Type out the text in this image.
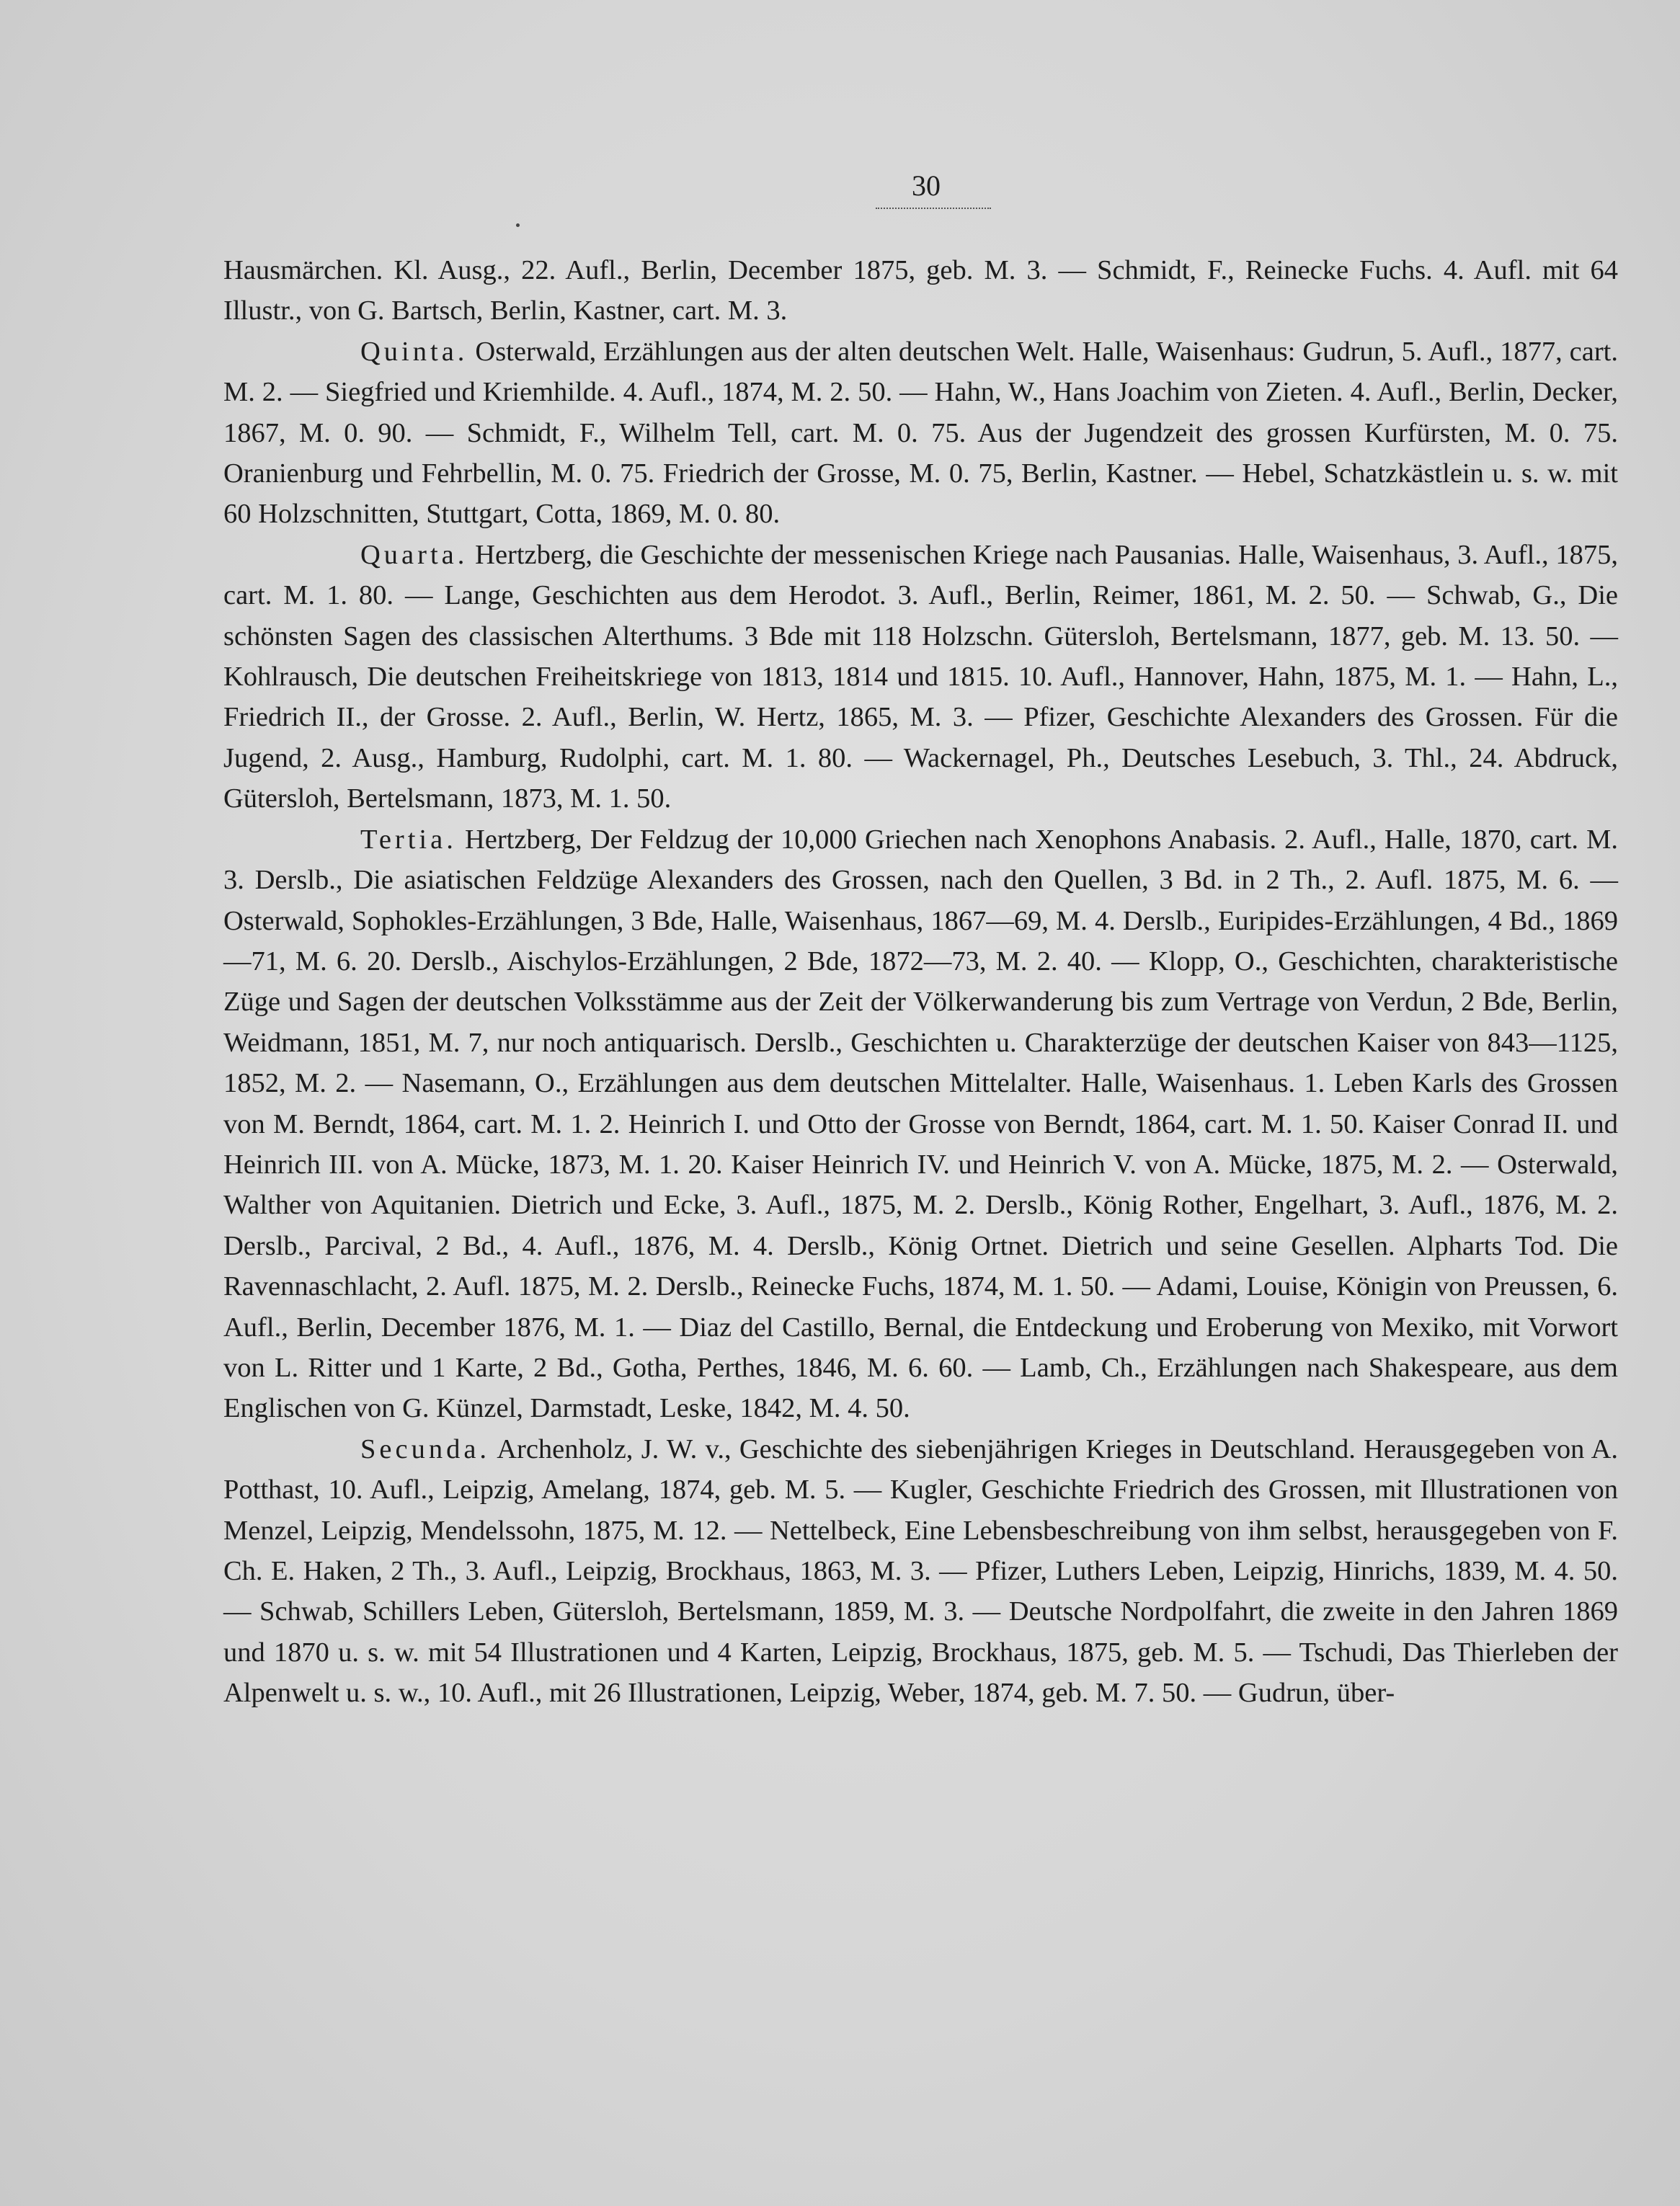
30

Hausmärchen. Kl. Ausg., 22. Aufl., Berlin, December 1875, geb. M. 3. — Schmidt, F., Reinecke Fuchs. 4. Aufl. mit 64 Illustr., von G. Bartsch, Berlin, Kastner, cart. M. 3.

Quinta. Osterwald, Erzählungen aus der alten deutschen Welt. Halle, Waisenhaus: Gudrun, 5. Aufl., 1877, cart. M. 2. — Siegfried und Kriemhilde. 4. Aufl., 1874, M. 2. 50. — Hahn, W., Hans Joachim von Zieten. 4. Aufl., Berlin, Decker, 1867, M. 0. 90. — Schmidt, F., Wilhelm Tell, cart. M. 0. 75. Aus der Jugendzeit des grossen Kurfürsten, M. 0. 75. Oranienburg und Fehrbellin, M. 0. 75. Friedrich der Grosse, M. 0. 75, Berlin, Kastner. — Hebel, Schatzkästlein u. s. w. mit 60 Holzschnitten, Stuttgart, Cotta, 1869, M. 0. 80.

Quarta. Hertzberg, die Geschichte der messenischen Kriege nach Pausanias. Halle, Waisenhaus, 3. Aufl., 1875, cart. M. 1. 80. — Lange, Geschichten aus dem Herodot. 3. Aufl., Berlin, Reimer, 1861, M. 2. 50. — Schwab, G., Die schönsten Sagen des classischen Alterthums. 3 Bde mit 118 Holzschn. Gütersloh, Bertelsmann, 1877, geb. M. 13. 50. — Kohlrausch, Die deutschen Freiheitskriege von 1813, 1814 und 1815. 10. Aufl., Hannover, Hahn, 1875, M. 1. — Hahn, L., Friedrich II., der Grosse. 2. Aufl., Berlin, W. Hertz, 1865, M. 3. — Pfizer, Geschichte Alexanders des Grossen. Für die Jugend, 2. Ausg., Hamburg, Rudolphi, cart. M. 1. 80. — Wackernagel, Ph., Deutsches Lesebuch, 3. Thl., 24. Abdruck, Gütersloh, Bertelsmann, 1873, M. 1. 50.

Tertia. Hertzberg, Der Feldzug der 10,000 Griechen nach Xenophons Anabasis. 2. Aufl., Halle, 1870, cart. M. 3. Derslb., Die asiatischen Feldzüge Alexanders des Grossen, nach den Quellen, 3 Bd. in 2 Th., 2. Aufl. 1875, M. 6. — Osterwald, Sophokles-Erzählungen, 3 Bde, Halle, Waisenhaus, 1867—69, M. 4. Derslb., Euripides-Erzählungen, 4 Bd., 1869—71, M. 6. 20. Derslb., Aischylos-Erzählungen, 2 Bde, 1872—73, M. 2. 40. — Klopp, O., Geschichten, charakteristische Züge und Sagen der deutschen Volksstämme aus der Zeit der Völkerwanderung bis zum Vertrage von Verdun, 2 Bde, Berlin, Weidmann, 1851, M. 7, nur noch antiquarisch. Derslb., Geschichten u. Charakterzüge der deutschen Kaiser von 843—1125, 1852, M. 2. — Nasemann, O., Erzählungen aus dem deutschen Mittelalter. Halle, Waisenhaus. 1. Leben Karls des Grossen von M. Berndt, 1864, cart. M. 1. 2. Heinrich I. und Otto der Grosse von Berndt, 1864, cart. M. 1. 50. Kaiser Conrad II. und Heinrich III. von A. Mücke, 1873, M. 1. 20. Kaiser Heinrich IV. und Heinrich V. von A. Mücke, 1875, M. 2. — Osterwald, Walther von Aquitanien. Dietrich und Ecke, 3. Aufl., 1875, M. 2. Derslb., König Rother, Engelhart, 3. Aufl., 1876, M. 2. Derslb., Parcival, 2 Bd., 4. Aufl., 1876, M. 4. Derslb., König Ortnet. Dietrich und seine Gesellen. Alpharts Tod. Die Ravennaschlacht, 2. Aufl. 1875, M. 2. Derslb., Reinecke Fuchs, 1874, M. 1. 50. — Adami, Louise, Königin von Preussen, 6. Aufl., Berlin, December 1876, M. 1. — Diaz del Castillo, Bernal, die Entdeckung und Eroberung von Mexiko, mit Vorwort von L. Ritter und 1 Karte, 2 Bd., Gotha, Perthes, 1846, M. 6. 60. — Lamb, Ch., Erzählungen nach Shakespeare, aus dem Englischen von G. Künzel, Darmstadt, Leske, 1842, M. 4. 50.

Secunda. Archenholz, J. W. v., Geschichte des siebenjährigen Krieges in Deutschland. Herausgegeben von A. Potthast, 10. Aufl., Leipzig, Amelang, 1874, geb. M. 5. — Kugler, Geschichte Friedrich des Grossen, mit Illustrationen von Menzel, Leipzig, Mendelssohn, 1875, M. 12. — Nettelbeck, Eine Lebensbeschreibung von ihm selbst, herausgegeben von F. Ch. E. Haken, 2 Th., 3. Aufl., Leipzig, Brockhaus, 1863, M. 3. — Pfizer, Luthers Leben, Leipzig, Hinrichs, 1839, M. 4. 50. — Schwab, Schillers Leben, Gütersloh, Bertelsmann, 1859, M. 3. — Deutsche Nordpolfahrt, die zweite in den Jahren 1869 und 1870 u. s. w. mit 54 Illustrationen und 4 Karten, Leipzig, Brockhaus, 1875, geb. M. 5. — Tschudi, Das Thierleben der Alpenwelt u. s. w., 10. Aufl., mit 26 Illustrationen, Leipzig, Weber, 1874, geb. M. 7. 50. — Gudrun, über-
